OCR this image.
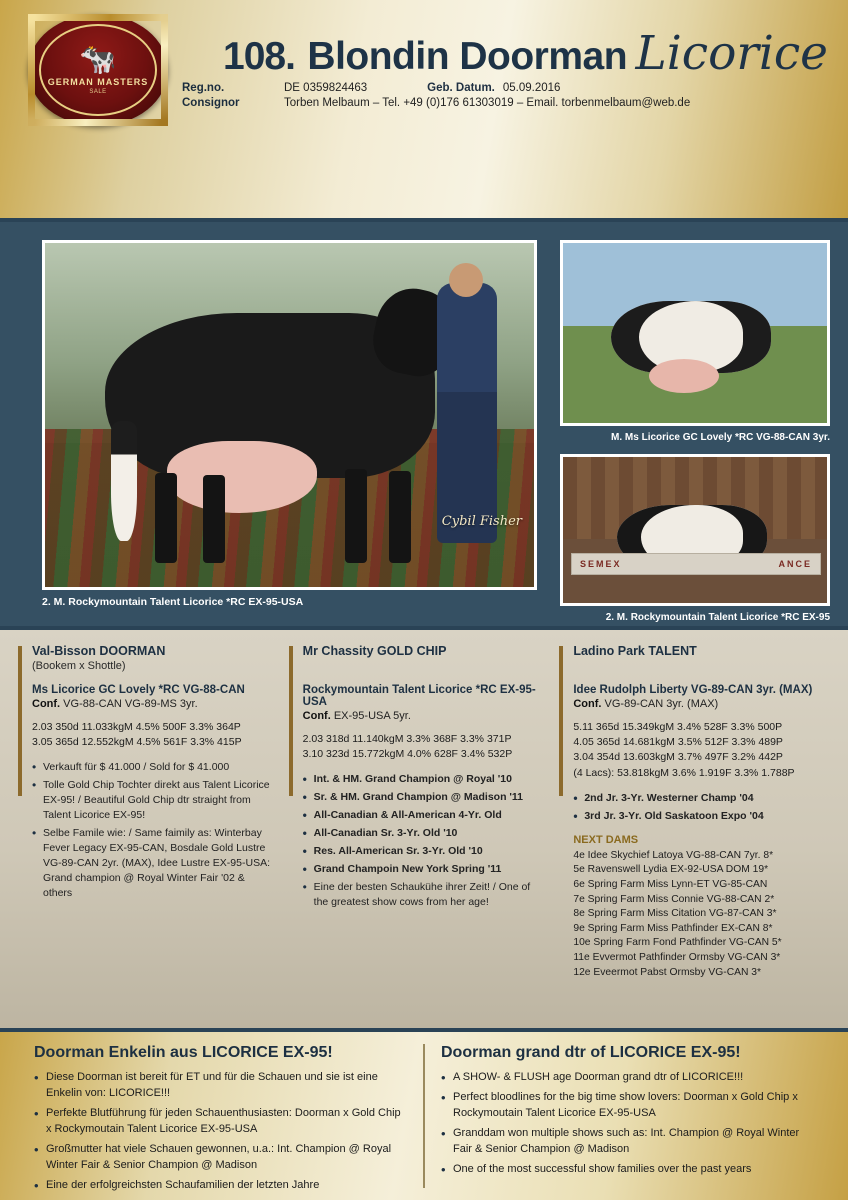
🐄
GERMAN MASTERS
SALE
108. Blondin Doorman Licorice
Reg.no.	DE 0359824463	Geb. Datum. 05.09.2016
Consignor	Torben Melbaum – Tel. +49 (0)176 61303019 – Email. torbenmelbaum@web.de
Cybil Fisher
2. M. Rockymountain Talent Licorice *RC EX-95-USA
M. Ms Licorice GC Lovely *RC VG-88-CAN 3yr.
SEMEX	ANCE
2. M. Rockymountain Talent Licorice *RC EX-95
Val-Bisson DOORMAN
(Bookem x Shottle)
Ms Licorice GC Lovely *RC VG-88-CAN
Conf. VG-88-CAN VG-89-MS 3yr.
2.03 350d 11.033kgM 4.5% 500F 3.3% 364P
3.05 365d 12.552kgM 4.5% 561F 3.3% 415P
• Verkauft für $ 41.000 / Sold for $ 41.000
• Tolle Gold Chip Tochter direkt aus Talent Licorice EX-95! / Beautiful Gold Chip dtr straight from Talent Licorice EX-95!
• Selbe Famile wie: / Same faimily as: Winterbay Fever Legacy EX-95-CAN, Bosdale Gold Lustre VG-89-CAN 2yr. (MAX), Idee Lustre EX-95-USA: Grand champion @ Royal Winter Fair '02 & others
Mr Chassity GOLD CHIP

Rockymountain Talent Licorice *RC EX-95-USA
Conf. EX-95-USA 5yr.
2.03 318d 11.140kgM 3.3% 368F 3.3% 371P
3.10 323d 15.772kgM 4.0% 628F 3.4% 532P
• Int. & HM. Grand Champion @ Royal '10
• Sr. & HM. Grand Champion @ Madison '11
• All-Canadian & All-American 4-Yr. Old
• All-Canadian Sr. 3-Yr. Old '10
• Res. All-American Sr. 3-Yr. Old '10
• Grand Champoin New York Spring '11
• Eine der besten Schaukühe ihrer Zeit! / One of the greatest show cows from her age!
Ladino Park TALENT

Idee Rudolph Liberty VG-89-CAN 3yr. (MAX)
Conf. VG-89-CAN 3yr. (MAX)
5.11 365d 15.349kgM 3.4% 528F 3.3% 500P
4.05 365d 14.681kgM 3.5% 512F 3.3% 489P
3.04 354d 13.603kgM 3.7% 497F 3.2% 442P
(4 Lacs): 53.818kgM 3.6% 1.919F 3.3% 1.788P
• 2nd Jr. 3-Yr. Westerner Champ '04
• 3rd Jr. 3-Yr. Old Saskatoon Expo '04
NEXT DAMS
4e Idee Skychief Latoya VG-88-CAN 7yr. 8*
5e Ravenswell Lydia EX-92-USA DOM 19*
6e Spring Farm Miss Lynn-ET VG-85-CAN
7e Spring Farm Miss Connie VG-88-CAN 2*
8e Spring Farm Miss Citation VG-87-CAN 3*
9e Spring Farm Miss Pathfinder EX-CAN 8*
10e Spring Farm Fond Pathfinder VG-CAN 5*
11e Evvermot Pathfinder Ormsby VG-CAN 3*
12e Eveermot Pabst Ormsby VG-CAN 3*
Doorman Enkelin aus LICORICE EX-95!
• Diese Doorman ist bereit für ET und für die Schauen und sie ist eine Enkelin von: LICORICE!!!
• Perfekte Blutführung für jeden Schauenthusiasten: Doorman x Gold Chip x Rockymoutain Talent Licorice EX-95-USA
• Großmutter hat viele Schauen gewonnen, u.a.: Int. Champion @ Royal Winter Fair & Senior Champion @ Madison
• Eine der erfolgreichsten Schaufamilien der letzten Jahre
Doorman grand dtr of LICORICE EX-95!
• A SHOW- & FLUSH age Doorman grand dtr of LICORICE!!!
• Perfect bloodlines for the big time show lovers: Doorman x Gold Chip x Rockymoutain Talent Licorice EX-95-USA
• Granddam won multiple shows such as: Int. Champion @ Royal Winter Fair & Senior Champion @ Madison
• One of the most successful show families over the past years
